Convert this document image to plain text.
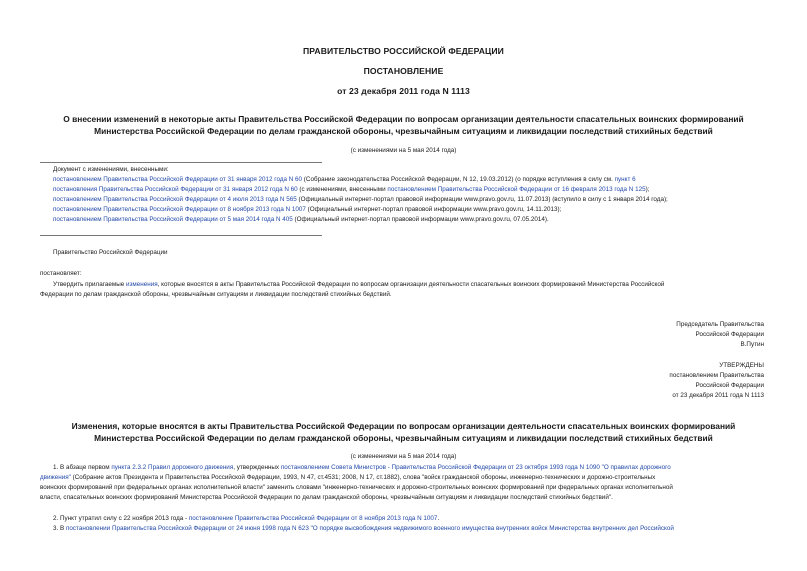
ПРАВИТЕЛЬСТВО РОССИЙСКОЙ ФЕДЕРАЦИИ
ПОСТАНОВЛЕНИЕ
от 23 декабря 2011 года N 1113
О внесении изменений в некоторые акты Правительства Российской Федерации по вопросам организации деятельности спасательных воинских формирований
Министерства Российской Федерации по делам гражданской обороны, чрезвычайным ситуациям и ликвидации последствий стихийных бедствий
(с изменениями на 5 мая 2014 года)
Документ с изменениями, внесенными:
постановлением Правительства Российской Федерации от 31 января 2012 года N 60 (Собрание законодательства Российской Федерации, N 12, 19.03.2012) (о порядке вступления в силу см. пункт 6
постановления Правительства Российской Федерации от 31 января 2012 года N 60 (с изменениями, внесенными постановлением Правительства Российской Федерации от 16 февраля 2013 года N 125);
постановлением Правительства Российской Федерации от 4 июля 2013 года N 565 (Официальный интернет-портал правовой информации www.pravo.gov.ru, 11.07.2013) (вступило в силу с 1 января 2014 года);
постановлением Правительства Российской Федерации от 8 ноября 2013 года N 1007 (Официальный интернет-портал правовой информации www.pravo.gov.ru, 14.11.2013);
постановлением Правительства Российской Федерации от 5 мая 2014 года N 405 (Официальный интернет-портал правовой информации www.pravo.gov.ru, 07.05.2014).
Правительство Российской Федерации
постановляет:
Утвердить прилагаемые изменения, которые вносятся в акты Правительства Российской Федерации по вопросам организации деятельности спасательных воинских формирований Министерства Российской
Федерации по делам гражданской обороны, чрезвычайным ситуациям и ликвидации последствий стихийных бедствий.
Председатель Правительства
Российской Федерации
В.Путин
УТВЕРЖДЕНЫ
постановлением Правительства
Российской Федерации
от 23 декабря 2011 года N 1113
Изменения, которые вносятся в акты Правительства Российской Федерации по вопросам организации деятельности спасательных воинских формирований
Министерства Российской Федерации по делам гражданской обороны, чрезвычайным ситуациям и ликвидации последствий стихийных бедствий
(с изменениями на 5 мая 2014 года)
1. В абзаце первом пункта 2.3.2 Правил дорожного движения, утвержденных постановлением Совета Министров - Правительства Российской Федерации от 23 октября 1993 года N 1090 "О правилах дорожного
движения" (Собрание актов Президента и Правительства Российской Федерации, 1993, N 47, ст.4531; 2008, N 17, ст.1882), слова "войск гражданской обороны, инженерно-технических и дорожно-строительных
воинских формирований при федеральных органах исполнительной власти" заменить словами "инженерно-технических и дорожно-строительных воинских формирований при федеральных органах исполнительной
власти, спасательных воинских формирований Министерства Российской Федерации по делам гражданской обороны, чрезвычайным ситуациям и ликвидации последствий стихийных бедствий".
2. Пункт утратил силу с 22 ноября 2013 года - постановление Правительства Российской Федерации от 8 ноября 2013 года N 1007.
3. В постановлении Правительства Российской Федерации от 24 июня 1998 года N 623 "О порядке высвобождения недвижимого военного имущества внутренних войск Министерства внутренних дел Российской
